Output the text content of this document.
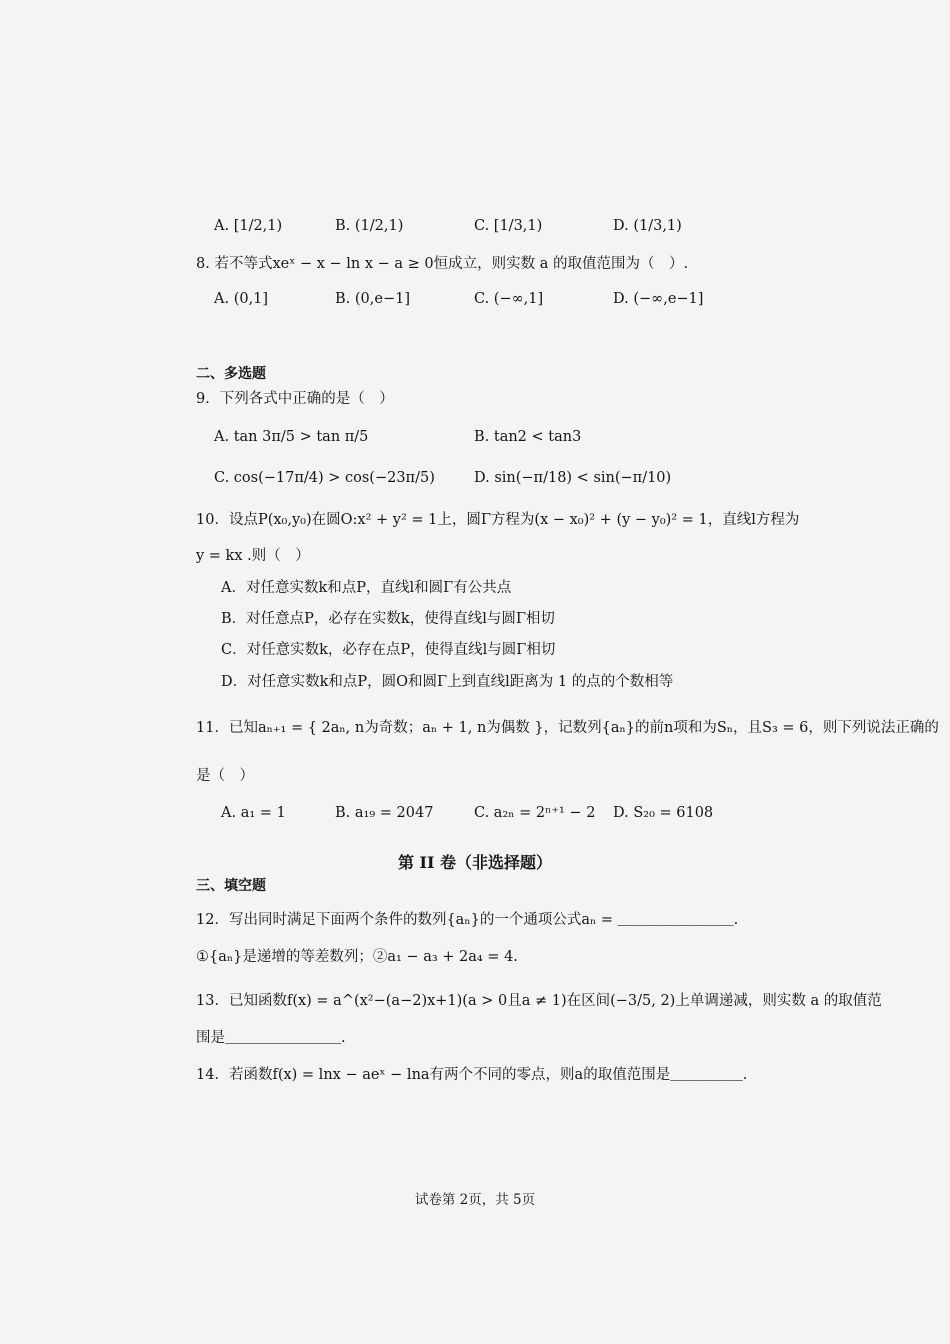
A. [1/2,1)	B. (1/2,1)	C. [1/3,1)	D. (1/3,1)
8. 若不等式xeˣ − x − ln x − a ≥ 0恒成立，则实数 a 的取值范围为（　）.
A. (0,1]	B. (0,e−1]	C. (−∞,1]	D. (−∞,e−1]
二、多选题
9．下列各式中正确的是（　）
A. tan 3π/5 > tan π/5	B. tan2 < tan3
C. cos(−17π/4) > cos(−23π/5)	D. sin(−π/18) < sin(−π/10)
10．设点P(x₀,y₀)在圆O:x² + y² = 1上，圆Γ方程为(x − x₀)² + (y − y₀)² = 1，直线l方程为
y = kx .则（　）
A．对任意实数k和点P，直线l和圆Γ有公共点
B．对任意点P，必存在实数k，使得直线l与圆Γ相切
C．对任意实数k，必存在点P，使得直线l与圆Γ相切
D．对任意实数k和点P，圆O和圆Γ上到直线l距离为 1 的点的个数相等
11．已知aₙ₊₁ = { 2aₙ, n为奇数；aₙ + 1, n为偶数 }，记数列{aₙ}的前n项和为Sₙ，且S₃ = 6，则下列说法正确的
是（　）
A. a₁ = 1	B. a₁₉ = 2047	C. a₂ₙ = 2ⁿ⁺¹ − 2 D. S₂₀ = 6108
第 II 卷（非选择题）
三、填空题
12．写出同时满足下面两个条件的数列{aₙ}的一个通项公式aₙ = ＿＿＿＿＿＿＿＿.
①{aₙ}是递增的等差数列；②a₁ − a₃ + 2a₄ = 4.
13．已知函数f(x) = a^(x²−(a−2)x+1)(a > 0且a ≠ 1)在区间(−3/5, 2)上单调递减，则实数 a 的取值范
围是＿＿＿＿＿＿＿＿.
14．若函数f(x) = lnx − aeˣ − lna有两个不同的零点，则a的取值范围是＿＿＿＿＿.
试卷第 2页，共 5页
